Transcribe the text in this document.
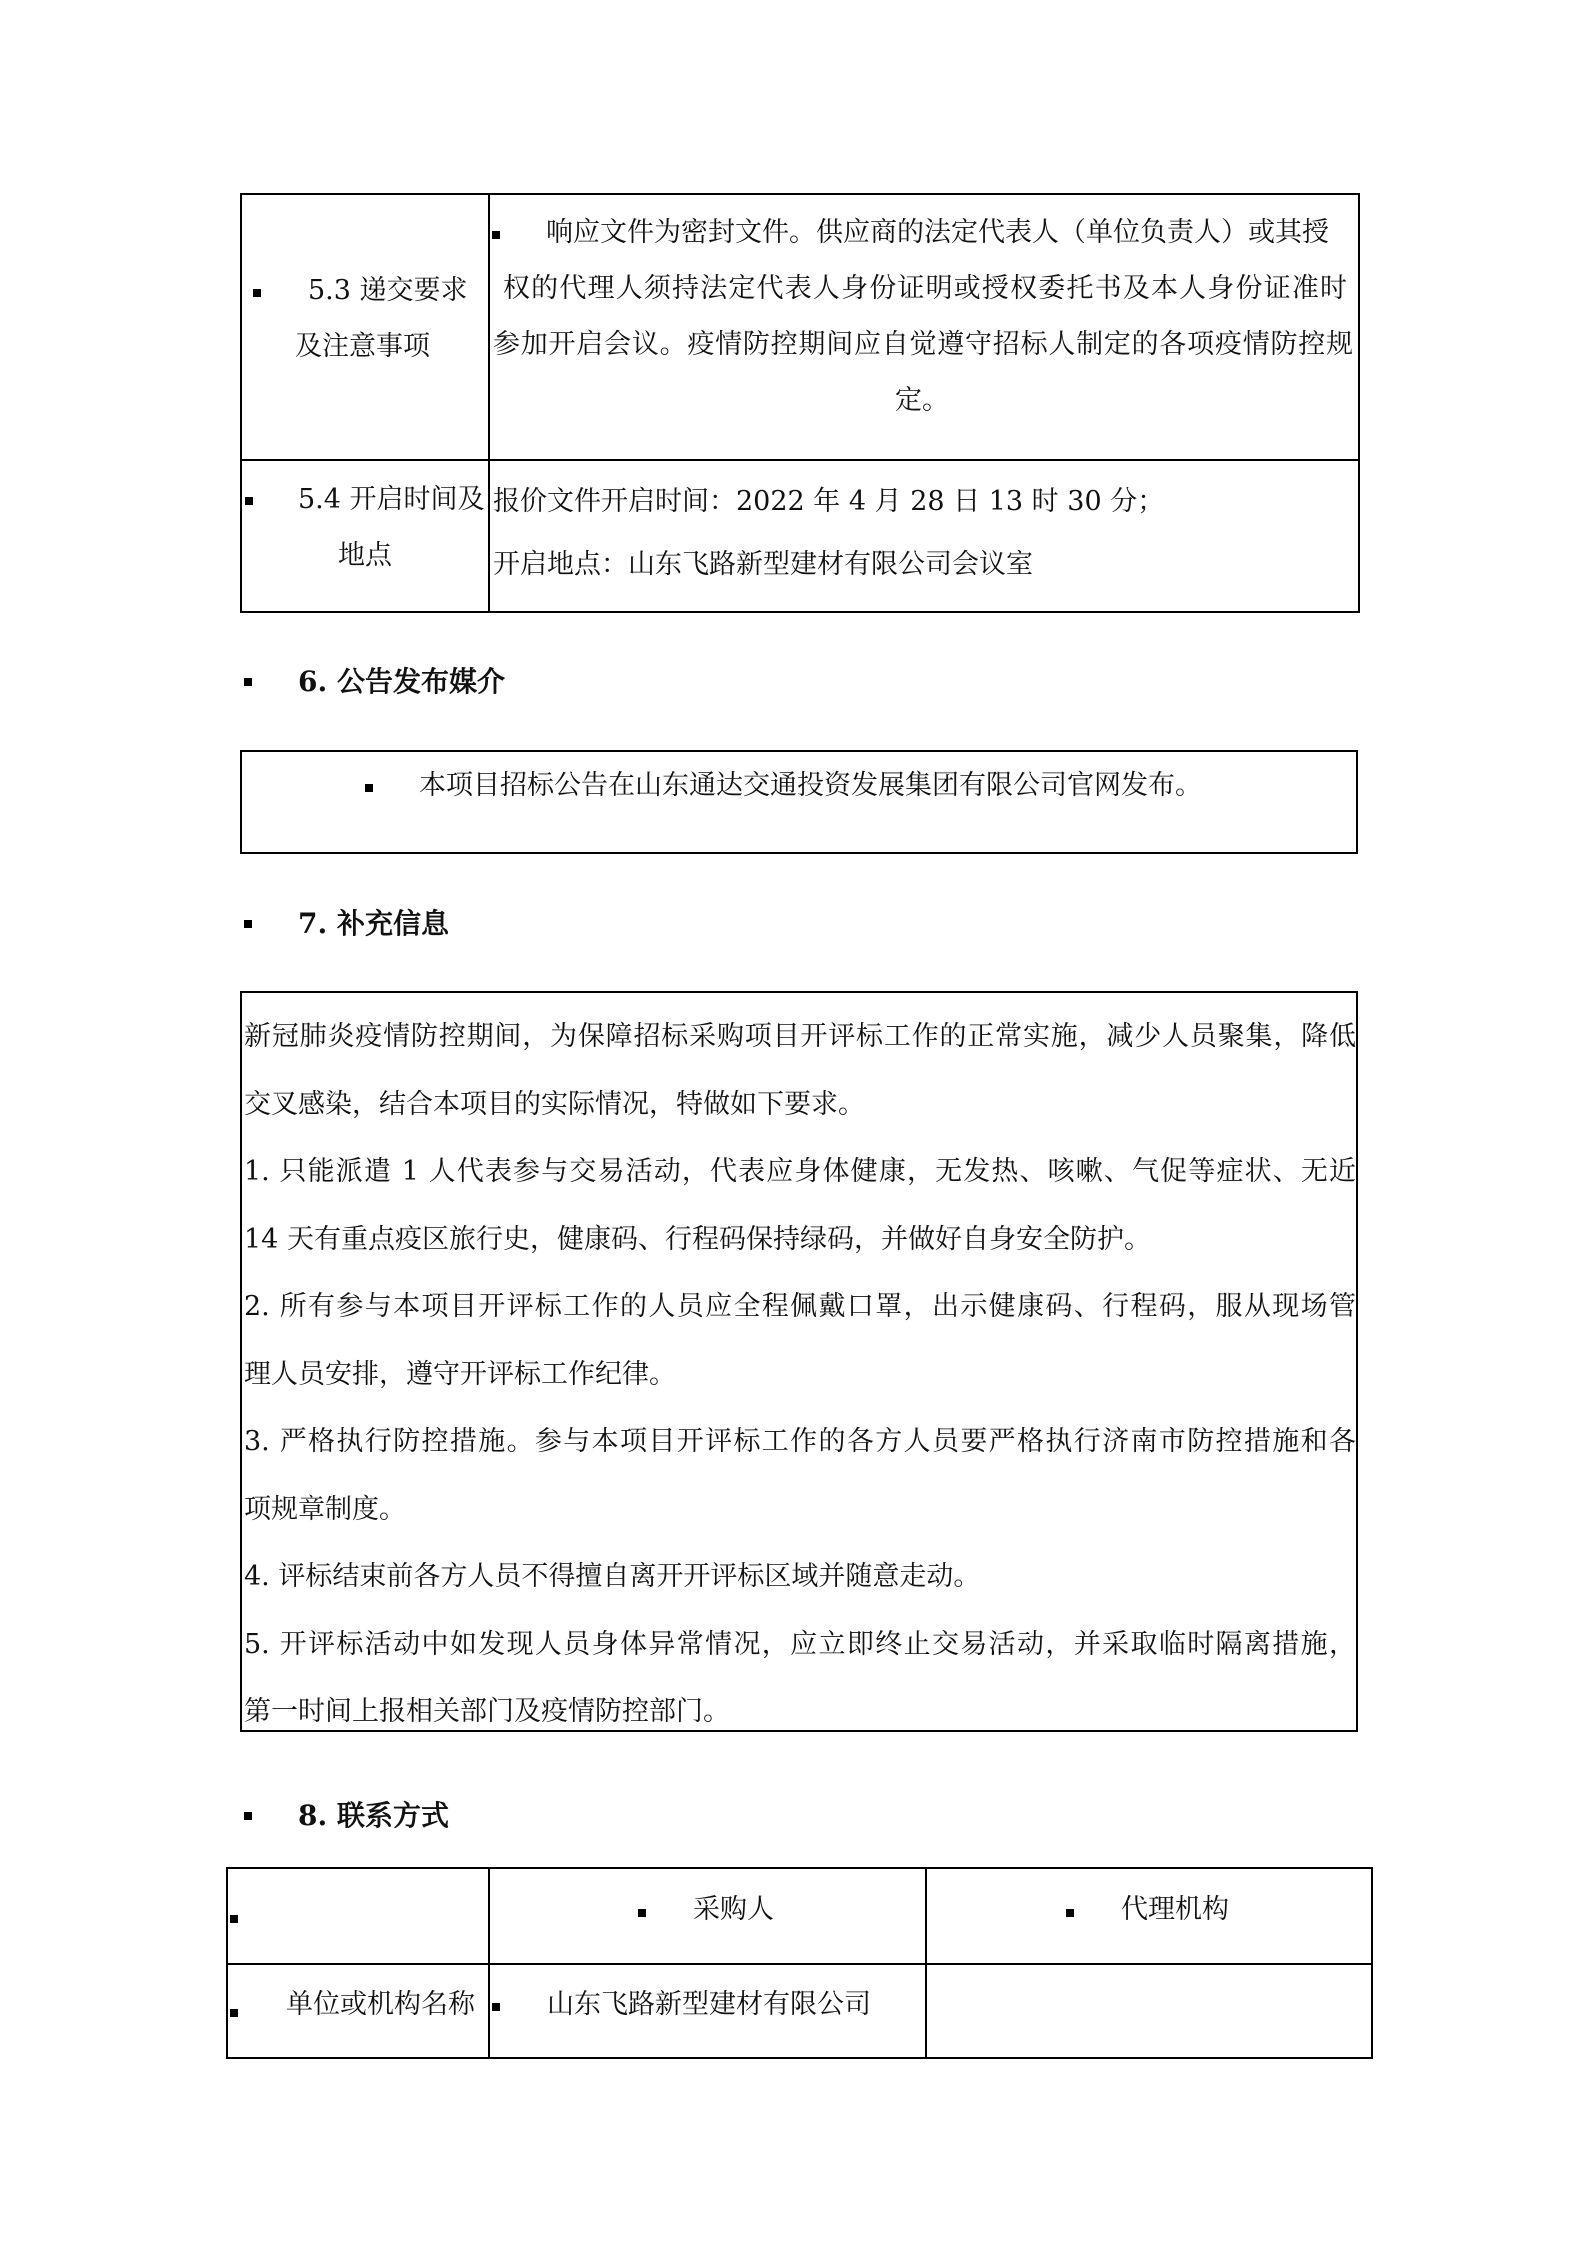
5.3 递交要求
及注意事项
响应文件为密封文件。供应商的法定代表人（单位负责人）或其授
权的代理人须持法定代表人身份证明或授权委托书及本人身份证准时
参加开启会议。疫情防控期间应自觉遵守招标人制定的各项疫情防控规
定。
5.4 开启时间及
地点
报价文件开启时间：2022 年 4 月 28 日 13 时 30 分；
开启地点：山东飞路新型建材有限公司会议室
6. 公告发布媒介
本项目招标公告在山东通达交通投资发展集团有限公司官网发布。
7. 补充信息
新冠肺炎疫情防控期间，为保障招标采购项目开评标工作的正常实施，减少人员聚集，降低
交叉感染，结合本项目的实际情况，特做如下要求。
1. 只能派遣 1 人代表参与交易活动，代表应身体健康，无发热、咳嗽、气促等症状、无近
14 天有重点疫区旅行史，健康码、行程码保持绿码，并做好自身安全防护。
2. 所有参与本项目开评标工作的人员应全程佩戴口罩，出示健康码、行程码，服从现场管
理人员安排，遵守开评标工作纪律。
3. 严格执行防控措施。参与本项目开评标工作的各方人员要严格执行济南市防控措施和各
项规章制度。
4. 评标结束前各方人员不得擅自离开开评标区域并随意走动。
5. 开评标活动中如发现人员身体异常情况，应立即终止交易活动，并采取临时隔离措施，
第一时间上报相关部门及疫情防控部门。
8. 联系方式
采购人	代理机构
单位或机构名称	山东飞路新型建材有限公司
